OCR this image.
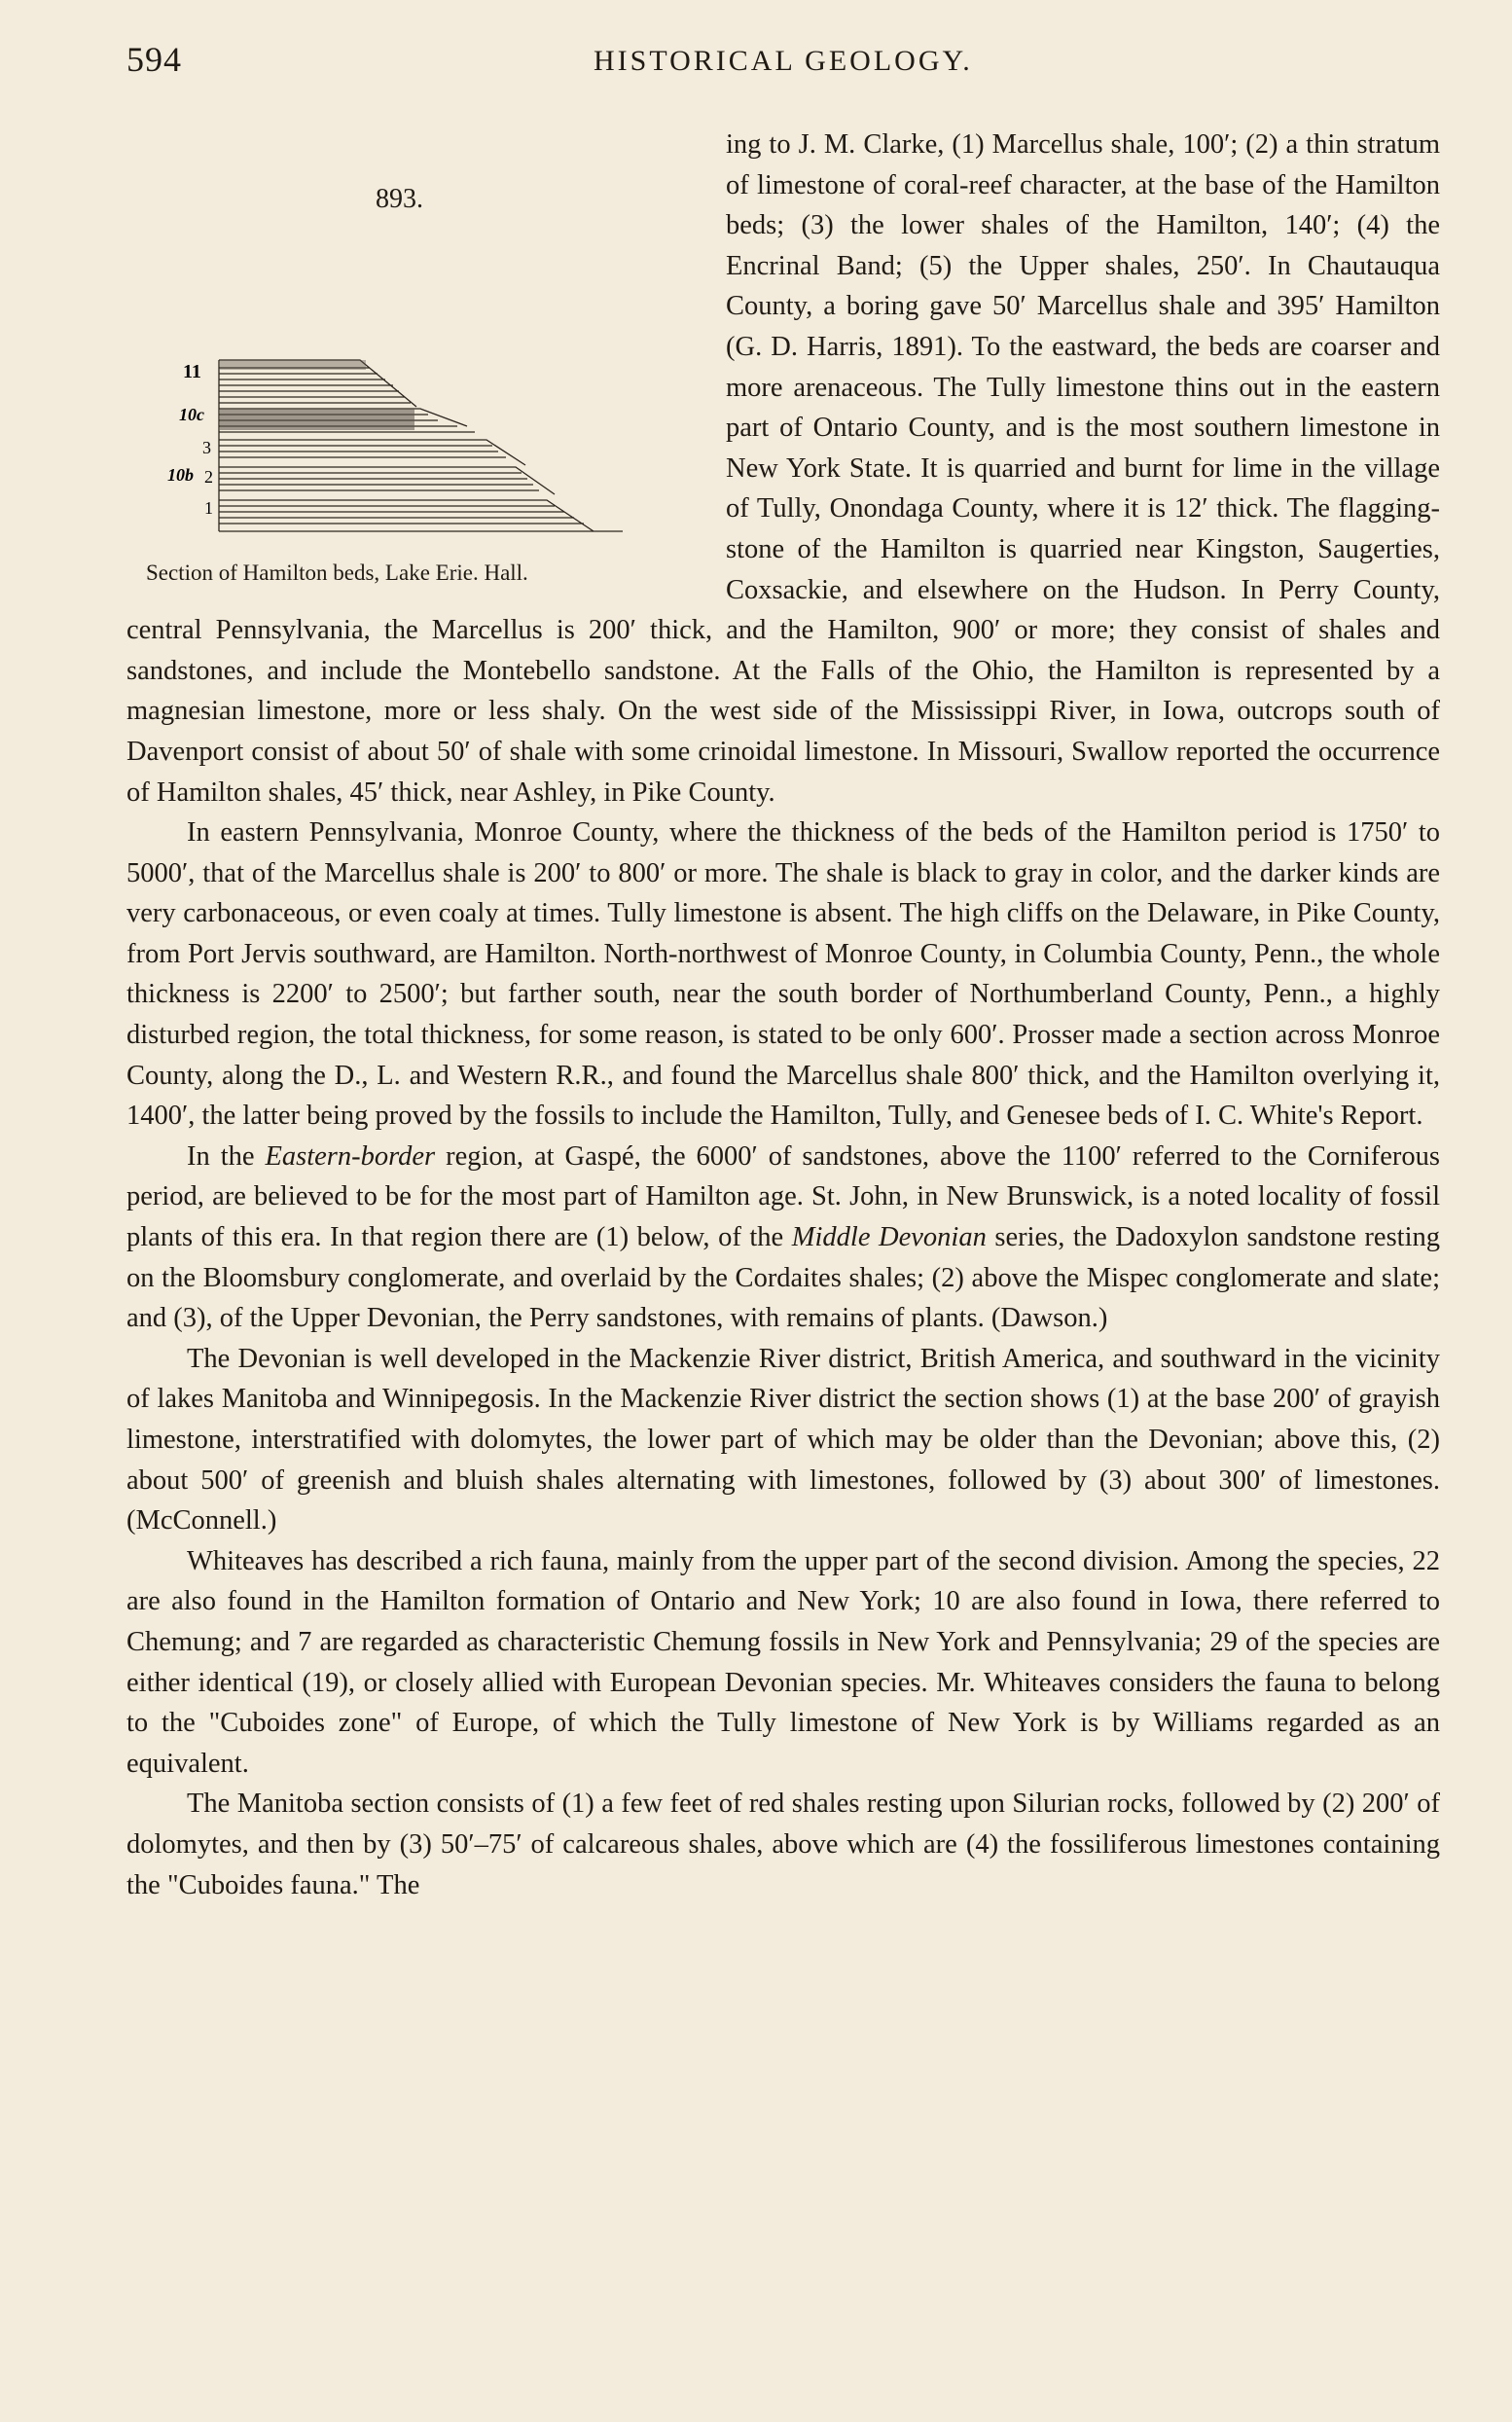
594	HISTORICAL GEOLOGY.
893.
11
10c
3
10b 2
1
Section of Hamilton beds, Lake Erie. Hall.

ing to J. M. Clarke, (1) Marcellus shale, 100′; (2) a thin stratum of limestone of coral-reef character, at the base of the Hamilton beds; (3) the lower shales of the Hamilton, 140′; (4) the Encrinal Band; (5) the Upper shales, 250′. In Chautauqua County, a boring gave 50′ Marcellus shale and 395′ Hamilton (G. D. Harris, 1891). To the eastward, the beds are coarser and more arenaceous. The Tully limestone thins out in the eastern part of Ontario County, and is the most southern limestone in New York State. It is quarried and burnt for lime in the village of Tully, Onondaga County, where it is 12′ thick. The flagging-stone of the Hamilton is quarried near Kingston, Saugerties, Coxsackie, and elsewhere on the Hudson. In Perry County, central Pennsylvania, the Marcellus is 200′ thick, and the Hamilton, 900′ or more; they consist of shales and sandstones, and include the Montebello sandstone. At the Falls of the Ohio, the Hamilton is represented by a magnesian limestone, more or less shaly. On the west side of the Mississippi River, in Iowa, outcrops south of Davenport consist of about 50′ of shale with some crinoidal limestone. In Missouri, Swallow reported the occurrence of Hamilton shales, 45′ thick, near Ashley, in Pike County.

In eastern Pennsylvania, Monroe County, where the thickness of the beds of the Hamilton period is 1750′ to 5000′, that of the Marcellus shale is 200′ to 800′ or more. The shale is black to gray in color, and the darker kinds are very carbonaceous, or even coaly at times. Tully limestone is absent. The high cliffs on the Delaware, in Pike County, from Port Jervis southward, are Hamilton. North-northwest of Monroe County, in Columbia County, Penn., the whole thickness is 2200′ to 2500′; but farther south, near the south border of Northumberland County, Penn., a highly disturbed region, the total thickness, for some reason, is stated to be only 600′. Prosser made a section across Monroe County, along the D., L. and Western R.R., and found the Marcellus shale 800′ thick, and the Hamilton overlying it, 1400′, the latter being proved by the fossils to include the Hamilton, Tully, and Genesee beds of I. C. White's Report.

In the Eastern-border region, at Gaspé, the 6000′ of sandstones, above the 1100′ referred to the Corniferous period, are believed to be for the most part of Hamilton age. St. John, in New Brunswick, is a noted locality of fossil plants of this era. In that region there are (1) below, of the Middle Devonian series, the Dadoxylon sandstone resting on the Bloomsbury conglomerate, and overlaid by the Cordaites shales; (2) above the Mispec conglomerate and slate; and (3), of the Upper Devonian, the Perry sandstones, with remains of plants. (Dawson.)

The Devonian is well developed in the Mackenzie River district, British America, and southward in the vicinity of lakes Manitoba and Winnipegosis. In the Mackenzie River district the section shows (1) at the base 200′ of grayish limestone, interstratified with dolomytes, the lower part of which may be older than the Devonian; above this, (2) about 500′ of greenish and bluish shales alternating with limestones, followed by (3) about 300′ of limestones. (McConnell.)

Whiteaves has described a rich fauna, mainly from the upper part of the second division. Among the species, 22 are also found in the Hamilton formation of Ontario and New York; 10 are also found in Iowa, there referred to Chemung; and 7 are regarded as characteristic Chemung fossils in New York and Pennsylvania; 29 of the species are either identical (19), or closely allied with European Devonian species. Mr. Whiteaves considers the fauna to belong to the "Cuboides zone" of Europe, of which the Tully limestone of New York is by Williams regarded as an equivalent.

The Manitoba section consists of (1) a few feet of red shales resting upon Silurian rocks, followed by (2) 200′ of dolomytes, and then by (3) 50′–75′ of calcareous shales, above which are (4) the fossiliferous limestones containing the "Cuboides fauna." The
